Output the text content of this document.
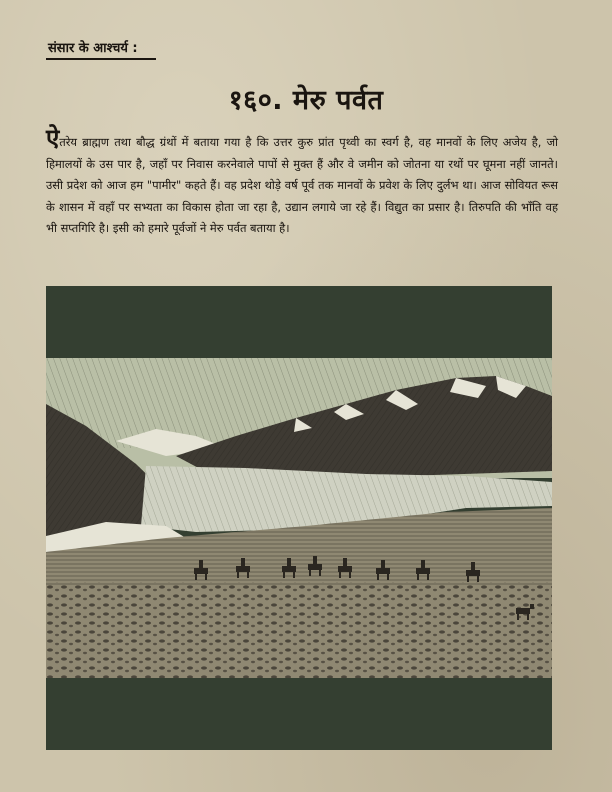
संसार के आश्चर्य :
१६०. मेरु पर्वत
ऐतरेय ब्राह्मण तथा बौद्ध ग्रंथों में बताया गया है कि उत्तर कुरु प्रांत पृथ्वी का स्वर्ग है, वह मानवों के लिए अजेय है, जो हिमालयों के उस पार है, जहाँ पर निवास करनेवाले पापों से मुक्त हैं और वे जमीन को जोतना या रथों पर घूमना नहीं जानते। उसी प्रदेश को आज हम "पामीर" कहते हैं। वह प्रदेश थोड़े वर्ष पूर्व तक मानवों के प्रवेश के लिए दुर्लभ था। आज सोवियत रूस के शासन में वहाँ पर सभ्यता का विकास होता जा रहा है, उद्यान लगाये जा रहे हैं। विद्युत का प्रसार है। तिरुपति की भाँति वह भी सप्तगिरि है। इसी को हमारे पूर्वजों ने मेरु पर्वत बताया है।
